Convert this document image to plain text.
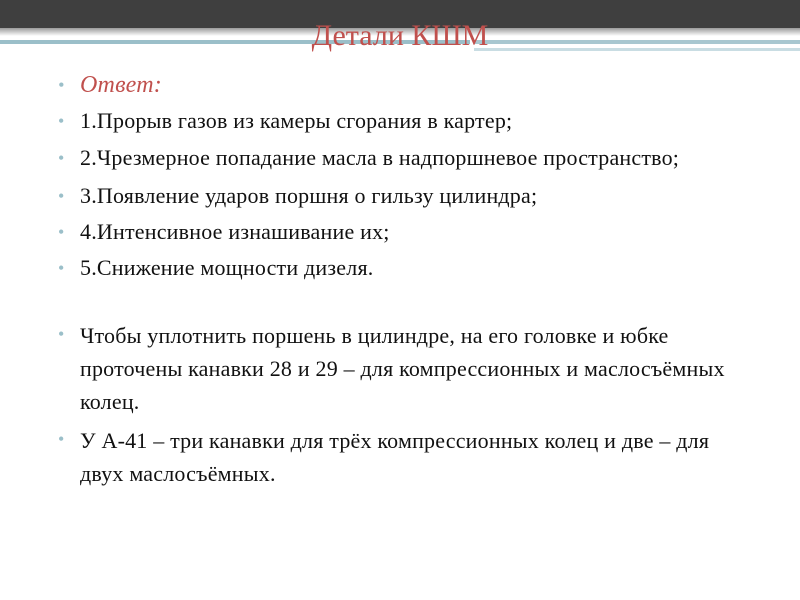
Детали КШМ
• Ответ:
• 1.Прорыв газов из камеры сгорания в картер;
• 2.Чрезмерное попадание масла в надпоршневое пространство;
• 3.Появление ударов поршня о гильзу цилиндра;
• 4.Интенсивное изнашивание их;
• 5.Снижение мощности дизеля.
• Чтобы уплотнить поршень в цилиндре, на его головке и юбке проточены канавки 28 и 29 – для компрессионных и маслосъёмных колец.
• У А-41 – три канавки для трёх компрессионных колец и две – для двух маслосъёмных.
